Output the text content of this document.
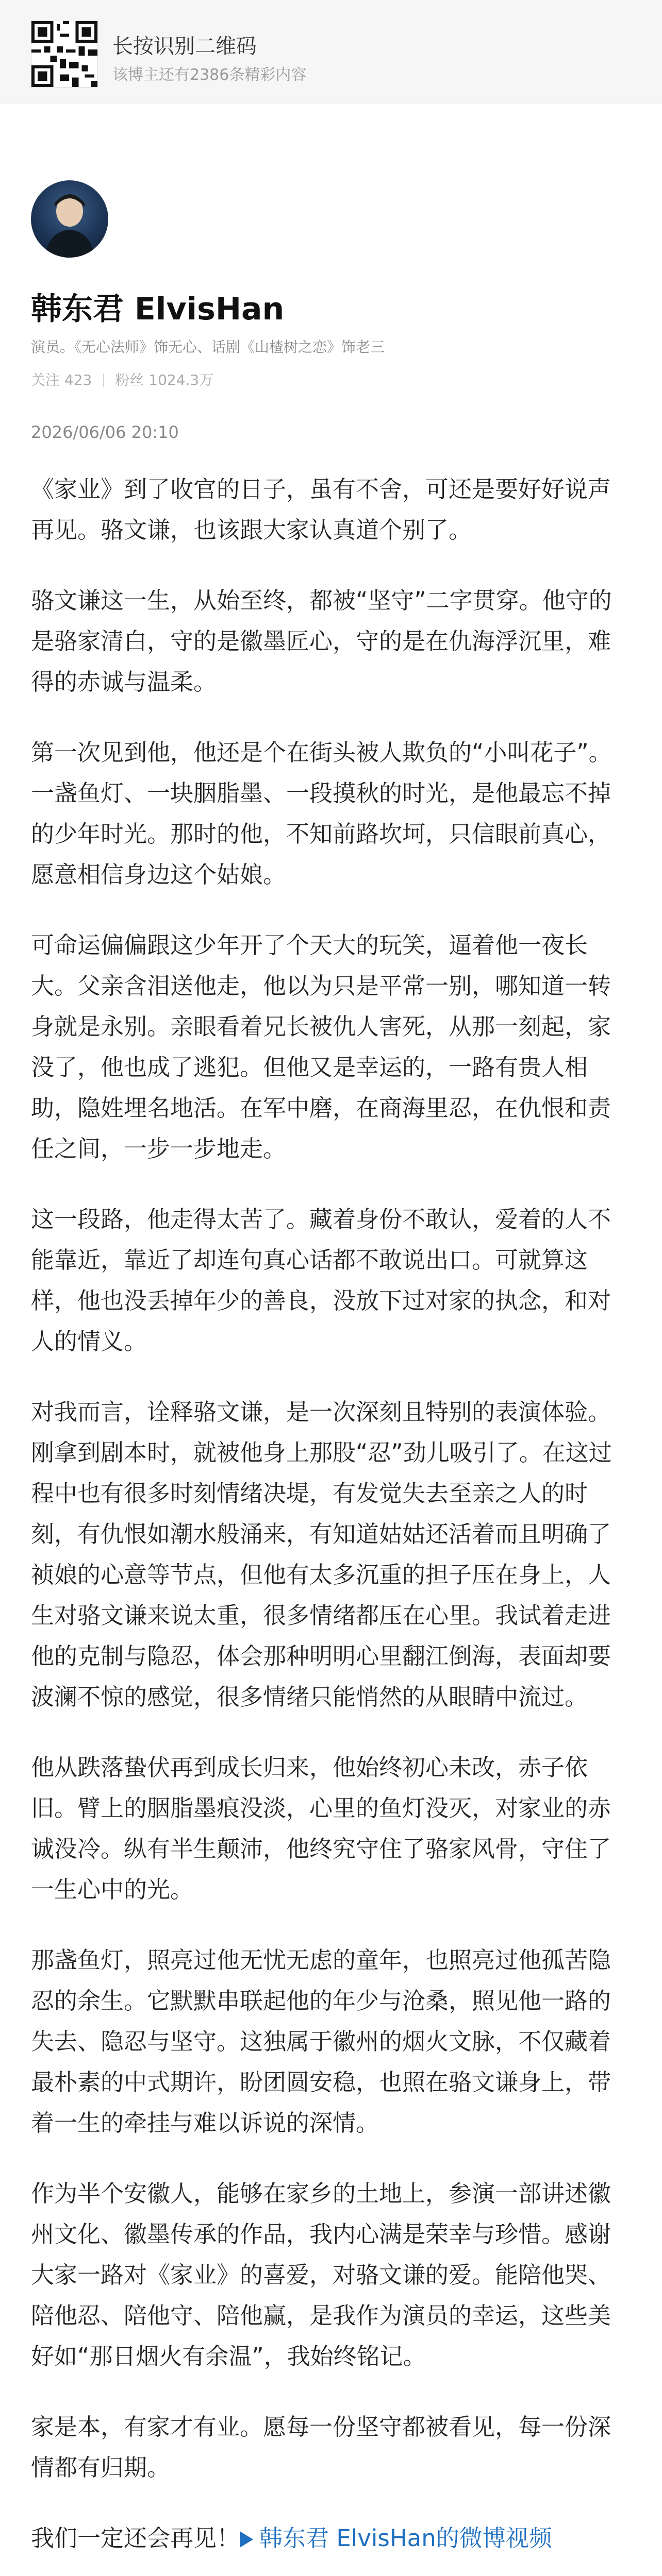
长按识别二维码
该博主还有2386条精彩内容
韩东君 ElvisHan
演员。《无心法师》饰无心、话剧《山楂树之恋》饰老三
关注 423 粉丝 1024.3万
2026/06/06 20:10

《家业》到了收官的日子，虽有不舍，可还是要好好说声再见。骆文谦，也该跟大家认真道个别了。

骆文谦这一生，从始至终，都被“坚守”二字贯穿。他守的是骆家清白，守的是徽墨匠心，守的是在仇海浮沉里，难得的赤诚与温柔。

第一次见到他，他还是个在街头被人欺负的“小叫花子”。一盏鱼灯、一块胭脂墨、一段摸秋的时光，是他最忘不掉的少年时光。那时的他，不知前路坎坷，只信眼前真心，愿意相信身边这个姑娘。

可命运偏偏跟这少年开了个天大的玩笑，逼着他一夜长大。父亲含泪送他走，他以为只是平常一别，哪知道一转身就是永别。亲眼看着兄长被仇人害死，从那一刻起，家没了，他也成了逃犯。但他又是幸运的，一路有贵人相助，隐姓埋名地活。在军中磨，在商海里忍，在仇恨和责任之间，一步一步地走。

这一段路，他走得太苦了。藏着身份不敢认，爱着的人不能靠近，靠近了却连句真心话都不敢说出口。可就算这样，他也没丢掉年少的善良，没放下过对家的执念，和对人的情义。

对我而言，诠释骆文谦，是一次深刻且特别的表演体验。刚拿到剧本时，就被他身上那股“忍”劲儿吸引了。在这过程中也有很多时刻情绪决堤，有发觉失去至亲之人的时刻，有仇恨如潮水般涌来，有知道姑姑还活着而且明确了祯娘的心意等节点，但他有太多沉重的担子压在身上，人生对骆文谦来说太重，很多情绪都压在心里。我试着走进他的克制与隐忍，体会那种明明心里翻江倒海，表面却要波澜不惊的感觉，很多情绪只能悄然的从眼睛中流过。

他从跌落蛰伏再到成长归来，他始终初心未改，赤子依旧。臂上的胭脂墨痕没淡，心里的鱼灯没灭，对家业的赤诚没冷。纵有半生颠沛，他终究守住了骆家风骨，守住了一生心中的光。

那盏鱼灯，照亮过他无忧无虑的童年，也照亮过他孤苦隐忍的余生。它默默串联起他的年少与沧桑，照见他一路的失去、隐忍与坚守。这独属于徽州的烟火文脉，不仅藏着最朴素的中式期许，盼团圆安稳，也照在骆文谦身上，带着一生的牵挂与难以诉说的深情。

作为半个安徽人，能够在家乡的土地上，参演一部讲述徽州文化、徽墨传承的作品，我内心满是荣幸与珍惜。感谢大家一路对《家业》的喜爱，对骆文谦的爱。能陪他哭、陪他忍、陪他守、陪他赢，是我作为演员的幸运，这些美好如“那日烟火有余温”，我始终铭记。

家是本，有家才有业。愿每一份坚守都被看见，每一份深情都有归期。

我们一定还会再见！ 韩东君 ElvisHan的微博视频
